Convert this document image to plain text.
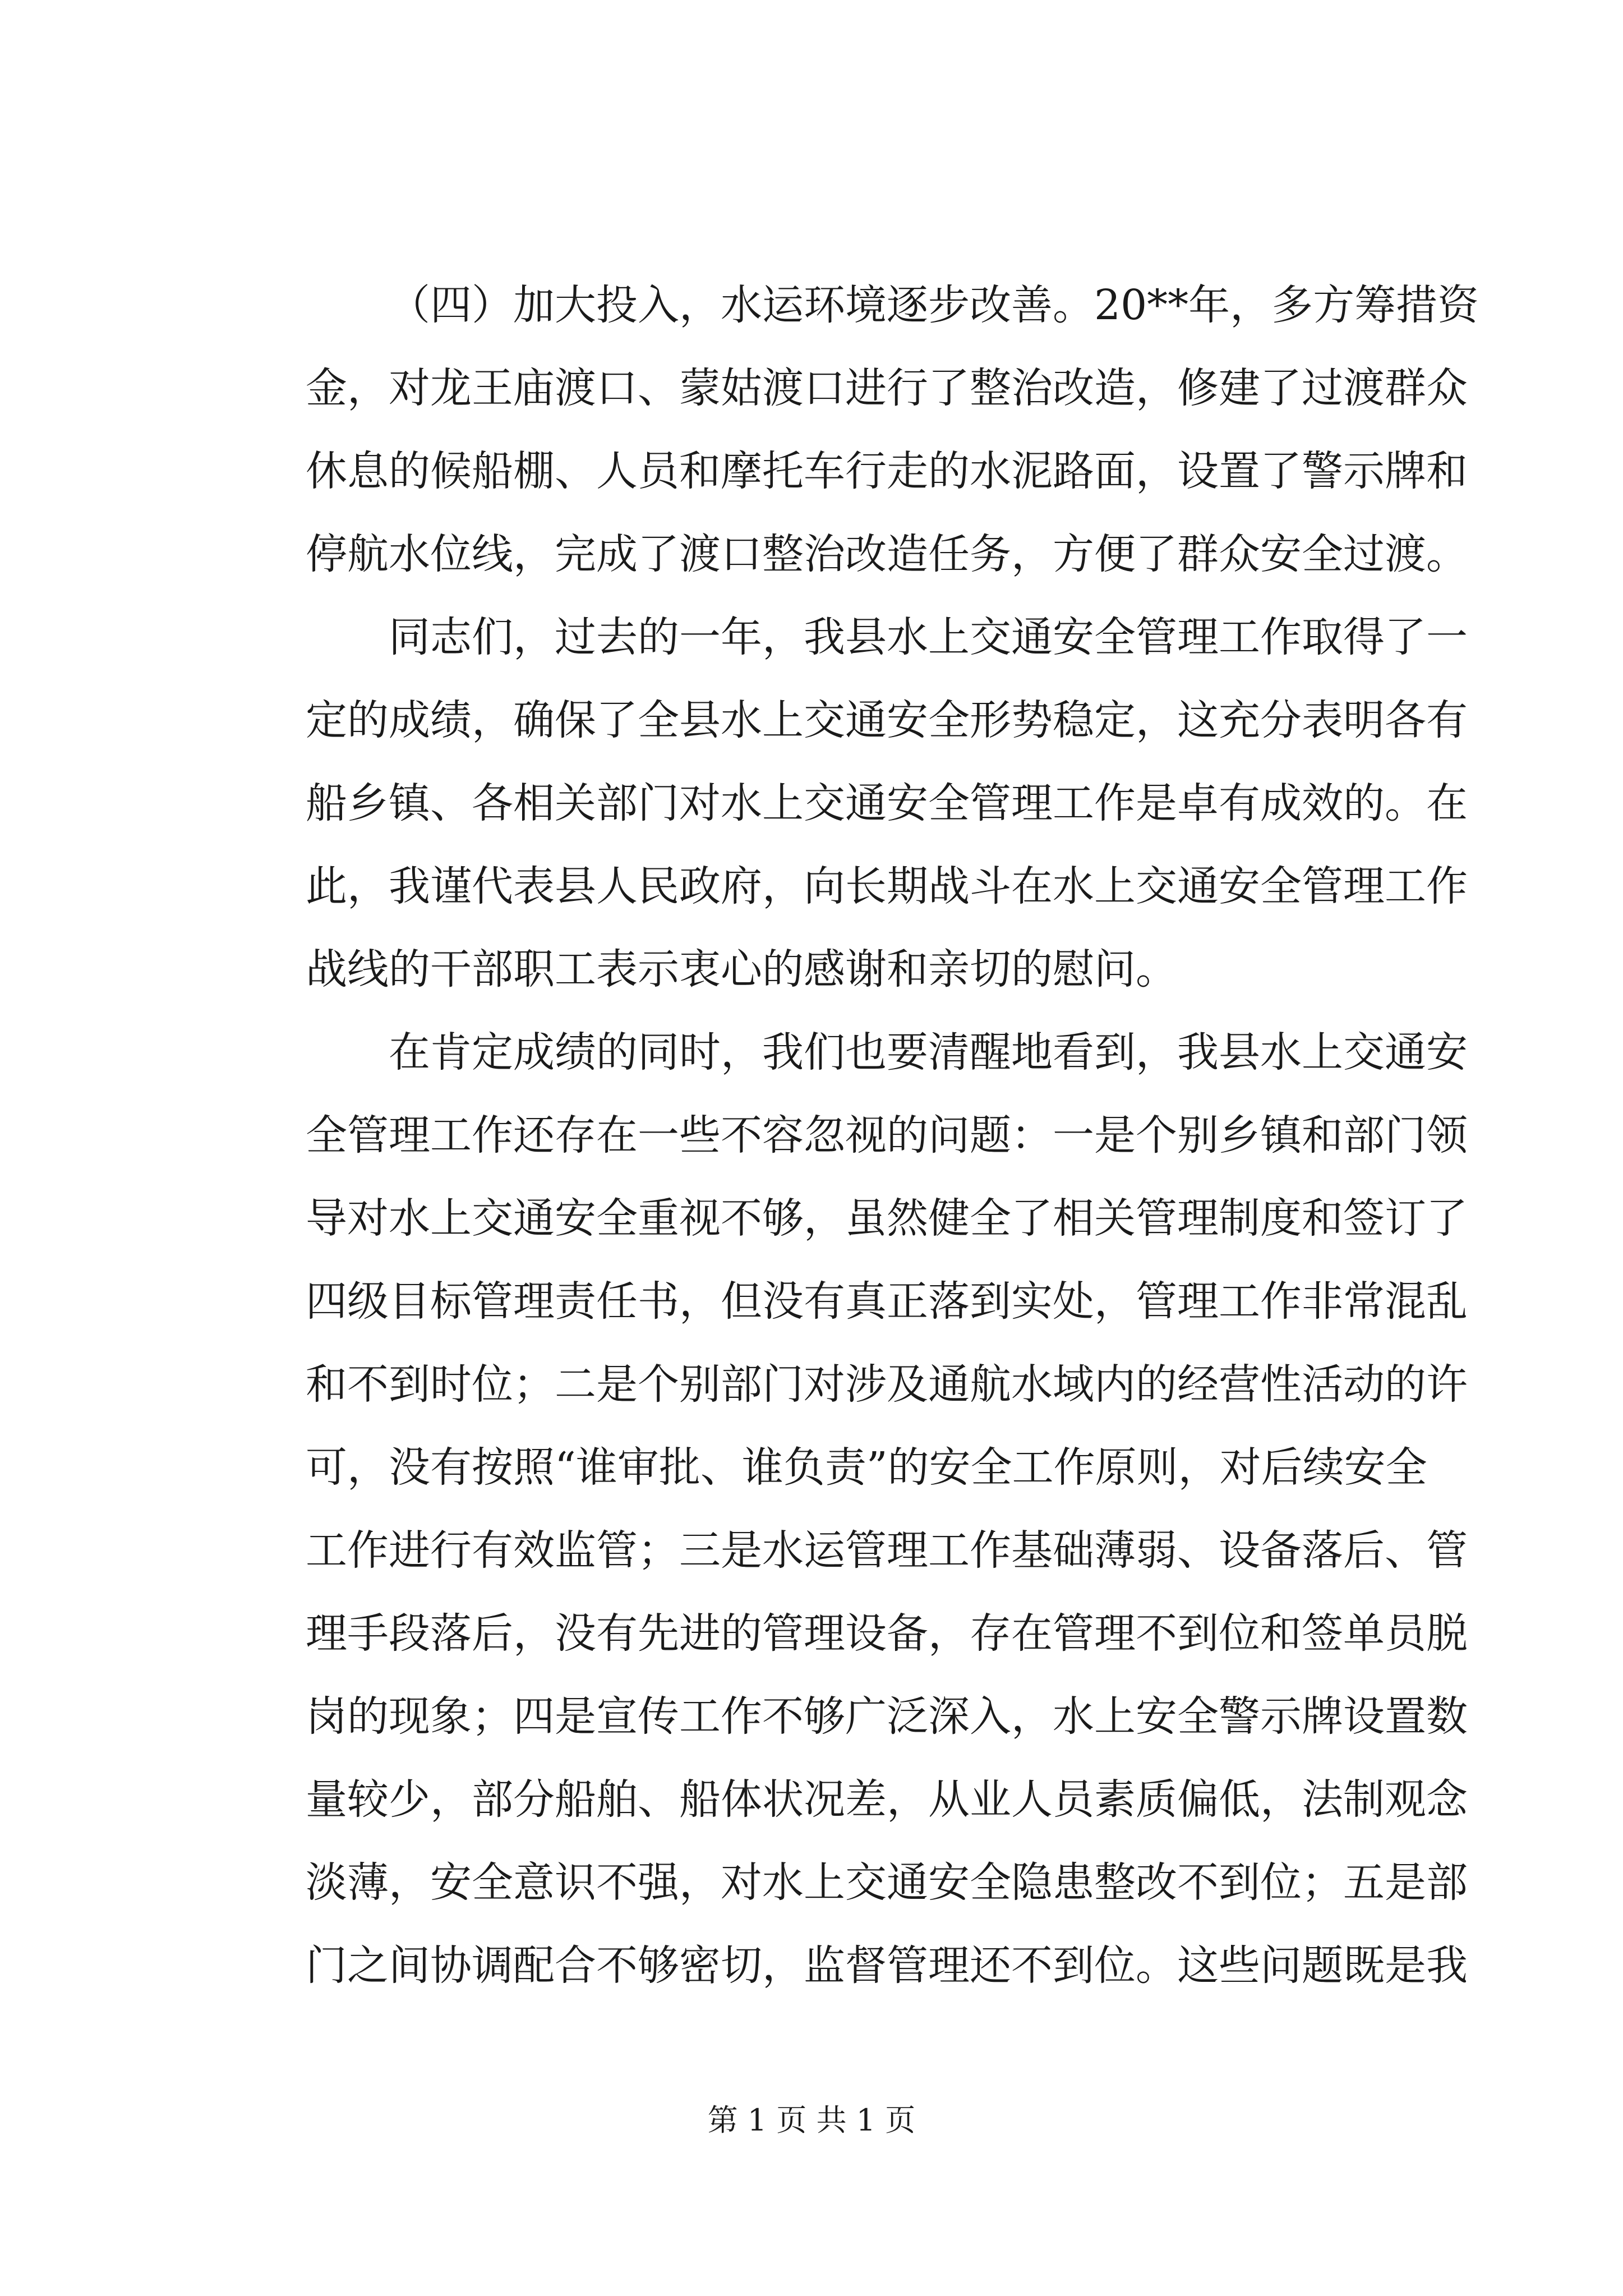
（四）加大投入，水运环境逐步改善。20**年，多方筹措资
金，对龙王庙渡口、蒙姑渡口进行了整治改造，修建了过渡群众
休息的候船棚、人员和摩托车行走的水泥路面，设置了警示牌和
停航水位线，完成了渡口整治改造任务，方便了群众安全过渡。
同志们，过去的一年，我县水上交通安全管理工作取得了一
定的成绩，确保了全县水上交通安全形势稳定，这充分表明各有
船乡镇、各相关部门对水上交通安全管理工作是卓有成效的。在
此，我谨代表县人民政府，向长期战斗在水上交通安全管理工作
战线的干部职工表示衷心的感谢和亲切的慰问。
在肯定成绩的同时，我们也要清醒地看到，我县水上交通安
全管理工作还存在一些不容忽视的问题：一是个别乡镇和部门领
导对水上交通安全重视不够，虽然健全了相关管理制度和签订了
四级目标管理责任书，但没有真正落到实处，管理工作非常混乱
和不到时位；二是个别部门对涉及通航水域内的经营性活动的许
可，没有按照“谁审批、谁负责”的安全工作原则，对后续安全
工作进行有效监管；三是水运管理工作基础薄弱、设备落后、管
理手段落后，没有先进的管理设备，存在管理不到位和签单员脱
岗的现象；四是宣传工作不够广泛深入，水上安全警示牌设置数
量较少，部分船舶、船体状况差，从业人员素质偏低，法制观念
淡薄，安全意识不强，对水上交通安全隐患整改不到位；五是部
门之间协调配合不够密切，监督管理还不到位。这些问题既是我
第 1 页 共 1 页
